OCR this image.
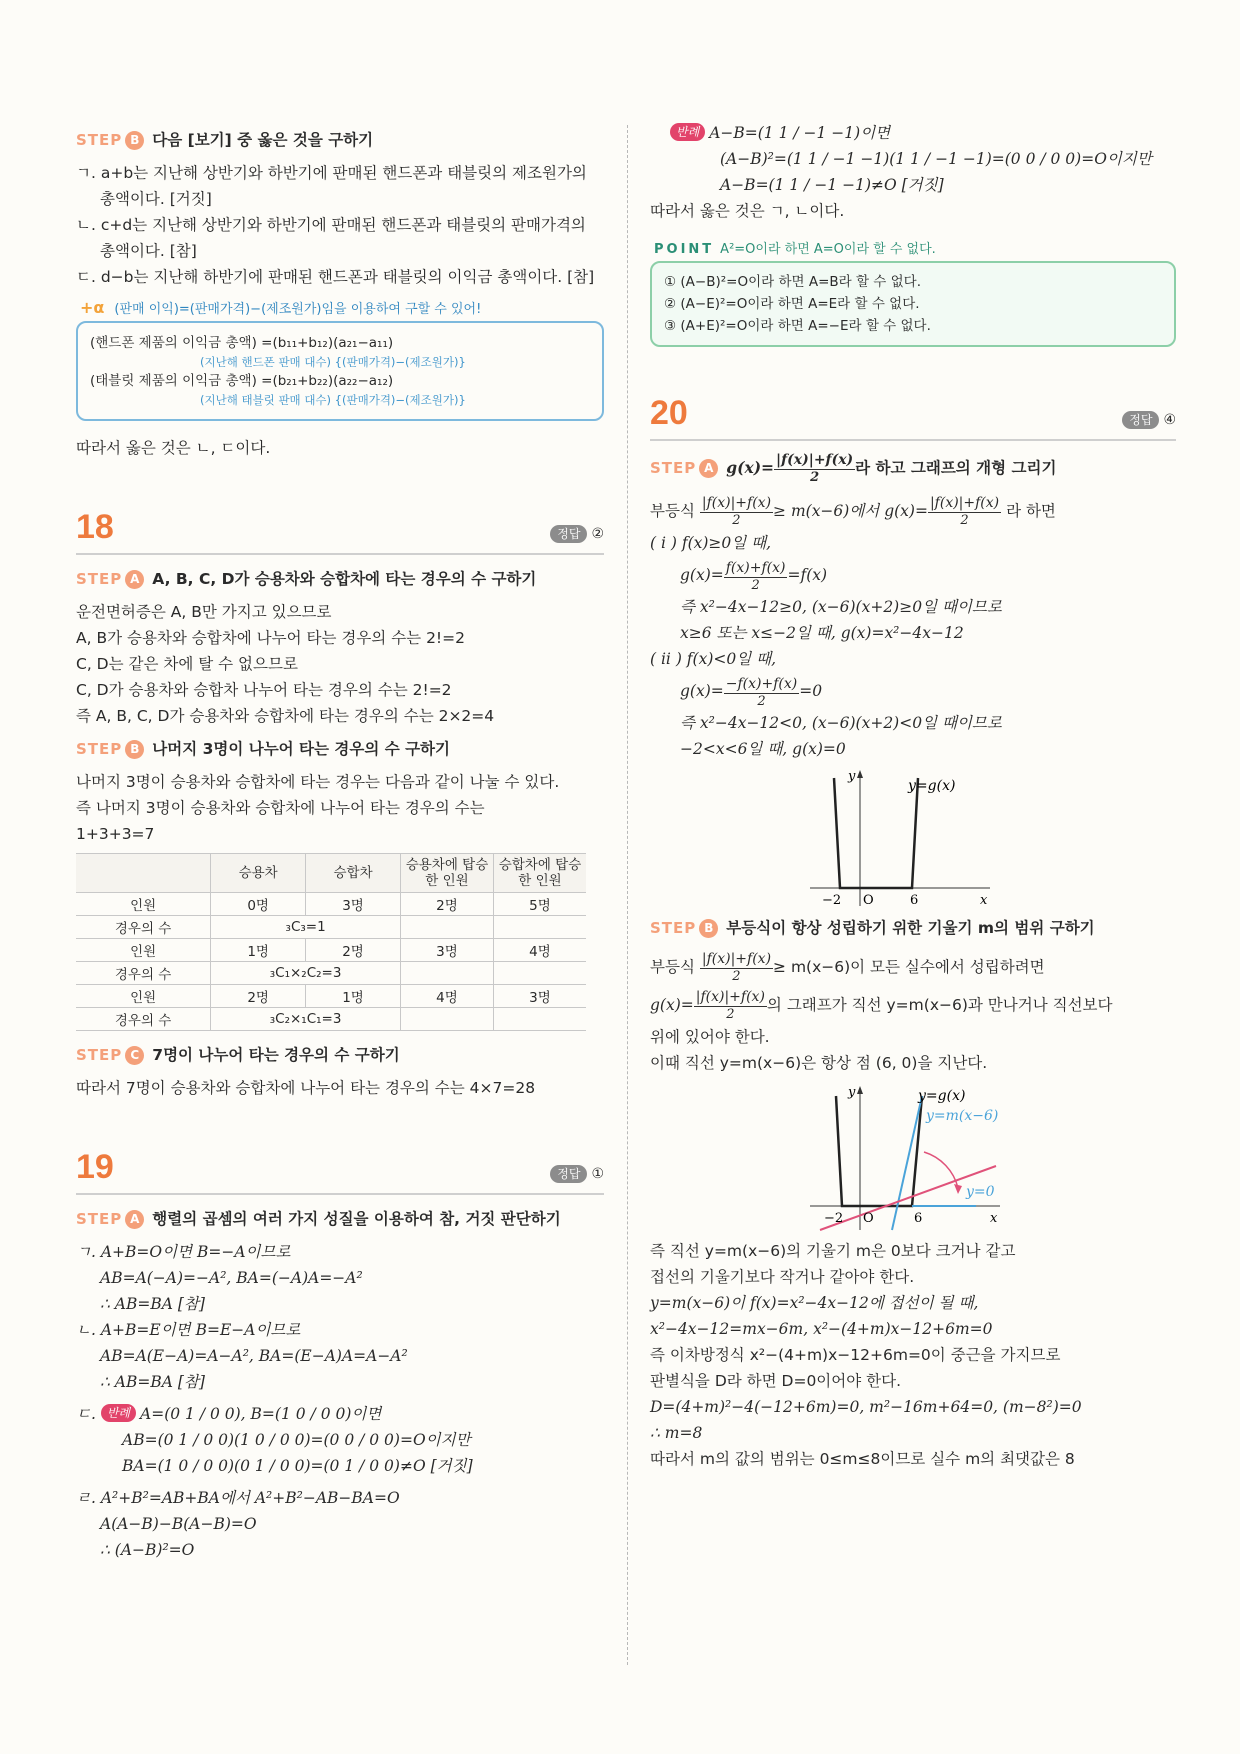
STEP B 다음 [보기] 중 옳은 것을 구하기

ㄱ. a+b는 지난해 상반기와 하반기에 판매된 핸드폰과 태블릿의 제조원가의

총액이다. [거짓]

ㄴ. c+d는 지난해 상반기와 하반기에 판매된 핸드폰과 태블릿의 판매가격의

총액이다. [참]

ㄷ. d−b는 지난해 하반기에 판매된 핸드폰과 태블릿의 이익금 총액이다. [참]

+α (판매 이익)=(판매가격)−(제조원가)임을 이용하여 구할 수 있어!
(핸드폰 제품의 이익금 총액) =(b₁₁+b₁₂)(a₂₁−a₁₁)
(지난해 핸드폰 판매 대수) {(판매가격)−(제조원가)}
(태블릿 제품의 이익금 총액) =(b₂₁+b₂₂)(a₂₂−a₁₂)
(지난해 태블릿 판매 대수) {(판매가격)−(제조원가)}

따라서 옳은 것은 ㄴ, ㄷ이다.

18	정답 ②
STEP A A, B, C, D가 승용차와 승합차에 타는 경우의 수 구하기

운전면허증은 A, B만 가지고 있으므로

A, B가 승용차와 승합차에 나누어 타는 경우의 수는 2!=2

C, D는 같은 차에 탈 수 없으므로

C, D가 승용차와 승합차 나누어 타는 경우의 수는 2!=2

즉 A, B, C, D가 승용차와 승합차에 타는 경우의 수는 2×2=4

STEP B 나머지 3명이 나누어 타는 경우의 수 구하기

나머지 3명이 승용차와 승합차에 타는 경우는 다음과 같이 나눌 수 있다.

즉 나머지 3명이 승용차와 승합차에 나누어 타는 경우의 수는

1+3+3=7

	승용차	승합차	승용차에 탑승한 인원	승합차에 탑승한 인원
인원	0명	3명	2명	5명
경우의 수	₃C₃=1			
인원	1명	2명	3명	4명
경우의 수	₃C₁×₂C₂=3			
인원	2명	1명	4명	3명
경우의 수	₃C₂×₁C₁=3			
STEP C 7명이 나누어 타는 경우의 수 구하기

따라서 7명이 승용차와 승합차에 나누어 타는 경우의 수는 4×7=28

19	정답 ①
STEP A 행렬의 곱셈의 여러 가지 성질을 이용하여 참, 거짓 판단하기

ㄱ. A+B=O이면 B=−A이므로

AB=A(−A)=−A², BA=(−A)A=−A²

∴ AB=BA [참]

ㄴ. A+B=E이면 B=E−A이므로

AB=A(E−A)=A−A², BA=(E−A)A=A−A²

∴ AB=BA [참]

ㄷ. 반례 A=(0 1 / 0 0), B=(1 0 / 0 0)이면

AB=(0 1 / 0 0)(1 0 / 0 0)=(0 0 / 0 0)=O이지만

BA=(1 0 / 0 0)(0 1 / 0 0)=(0 1 / 0 0)≠O [거짓]

ㄹ. A²+B²=AB+BA에서 A²+B²−AB−BA=O

A(A−B)−B(A−B)=O

∴ (A−B)²=O

반례 A−B=(1 1 / −1 −1)이면

(A−B)²=(1 1 / −1 −1)(1 1 / −1 −1)=(0 0 / 0 0)=O이지만

A−B=(1 1 / −1 −1)≠O [거짓]

따라서 옳은 것은 ㄱ, ㄴ이다.

POINT A²=O이라 하면 A=O이라 할 수 없다.

① (A−B)²=O이라 하면 A=B라 할 수 없다.

② (A−E)²=O이라 하면 A=E라 할 수 없다.

③ (A+E)²=O이라 하면 A=−E라 할 수 없다.

20	정답 ④
STEP A $g(x)= \frac{|f(x)|+f(x)}{2}$ 라 하고 그래프의 개형 그리기

부등식 $\frac{|f(x)|+f(x)}{2} \ge m(x-6)$에서 $g(x)= \frac{|f(x)|+f(x)}{2}$ 라 하면

( i ) f(x)≥0일 때,

$g(x)= \frac{f(x)+f(x)}{2} =f(x)$

즉 x²−4x−12≥0, (x−6)(x+2)≥0일 때이므로

x≥6 또는 x≤−2일 때, g(x)=x²−4x−12

( ii ) f(x)<0일 때,

$g(x)= \frac{-f(x)+f(x)}{2} =0$

즉 x²−4x−12<0, (x−6)(x+2)<0일 때이므로

−2<x<6일 때, g(x)=0

y
y=g(x)
x
−2 O	6
STEP B 부등식이 항상 성립하기 위한 기울기 m의 범위 구하기

부등식 $\frac{|f(x)|+f(x)}{2} \ge m(x-6)$이 모든 실수에서 성립하려면

$g(x)= \frac{|f(x)|+f(x)}{2}$ 의 그래프가 직선 y=m(x−6)과 만나거나 직선보다

위에 있어야 한다.

이때 직선 y=m(x−6)은 항상 점 (6, 0)을 지난다.

y	y=g(x)
y=m(x−6)
y=0
x
−2 O	6

즉 직선 y=m(x−6)의 기울기 m은 0보다 크거나 같고

접선의 기울기보다 작거나 같아야 한다.

y=m(x−6)이 f(x)=x²−4x−12에 접선이 될 때,

x²−4x−12=mx−6m, x²−(4+m)x−12+6m=0

즉 이차방정식 x²−(4+m)x−12+6m=0이 중근을 가지므로

판별식을 D라 하면 D=0이어야 한다.

D=(4+m)²−4(−12+6m)=0, m²−16m+64=0, (m−8²)=0

∴ m=8

따라서 m의 값의 범위는 0≤m≤8이므로 실수 m의 최댓값은 8
